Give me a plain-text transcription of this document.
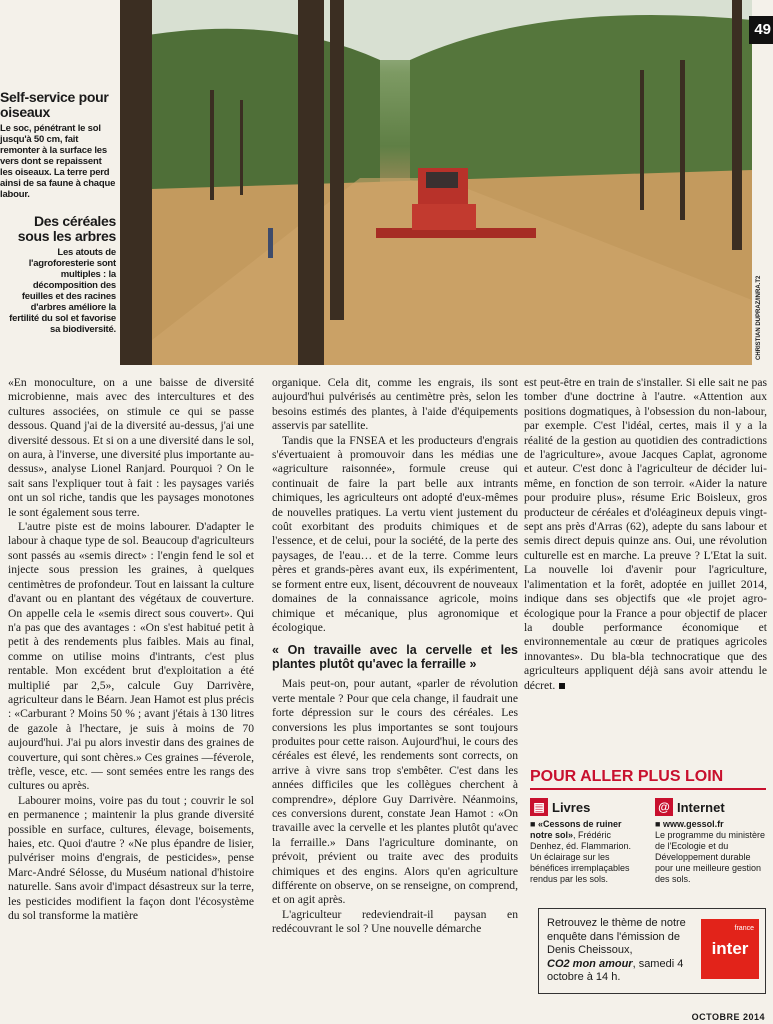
49
CHRISTIAN DUPRAZ/INRA.T2
Self-service pour oiseaux

Le soc, pénétrant le sol jusqu'à 50 cm, fait remonter à la surface les vers dont se repaissent les oiseaux. La terre perd ainsi de sa faune à chaque labour.

Des céréales sous les arbres

Les atouts de l'agroforesterie sont multiples : la décomposition des feuilles et des racines d'arbres améliore la fertilité du sol et favorise sa biodiversité.

«En monoculture, on a une baisse de diversité microbienne, mais avec des intercultures et des cultures associées, on stimule ce qui se passe dessous. Quand j'ai de la diversité au-dessus, j'ai une diversité dessous. Et si on a une diversité dans le sol, on aura, à l'inverse, une diversité plus importante au-dessus», analyse Lionel Ranjard. Pourquoi ? On le sait sans l'expliquer tout à fait : les paysages variés ont un sol riche, tandis que les paysages monotones le sont également sous terre.

L'autre piste est de moins labourer. D'adapter le labour à chaque type de sol. Beaucoup d'agriculteurs sont passés au «semis direct» : l'engin fend le sol et injecte sous pression les graines, à quelques centimètres de profondeur. Tout en laissant la culture d'avant ou en plantant des végétaux de couverture. On appelle cela le «semis direct sous couvert». Qui n'a pas que des avantages : «On s'est habitué petit à petit à des rendements plus faibles. Mais au final, comme on utilise moins d'intrants, c'est plus rentable. Mon excédent brut d'exploitation a été multiplié par 2,5», calcule Guy Darrivère, agriculteur dans le Béarn. Jean Hamot est plus précis : «Carburant ? Moins 50 % ; avant j'étais à 130 litres de gazole à l'hectare, je suis à moins de 70 aujourd'hui. J'ai pu alors investir dans des graines de couverture, qui sont chères.» Ces graines —féverole, trèfle, vesce, etc. — sont semées entre les rangs des cultures ou après.

Labourer moins, voire pas du tout ; couvrir le sol en permanence ; maintenir la plus grande diversité possible en surface, cultures, élevage, boisements, haies, etc. Quoi d'autre ? «Ne plus épandre de lisier, pulvériser moins d'engrais, de pesticides», pense Marc-André Sélosse, du Muséum national d'histoire naturelle. Sans avoir d'impact désastreux sur la terre, les pesticides modifient la façon dont l'écosystème du sol transforme la matière

organique. Cela dit, comme les engrais, ils sont aujourd'hui pulvérisés au centimètre près, selon les besoins estimés des plantes, à l'aide d'équipements asservis par satellite.

Tandis que la FNSEA et les producteurs d'engrais s'évertuaient à promouvoir dans les médias une «agriculture raisonnée», formule creuse qui continuait de faire la part belle aux intrants chimiques, les agriculteurs ont adopté d'eux-mêmes de nouvelles pratiques. La vertu vient justement du coût exorbitant des produits chimiques et de l'essence, et de celui, pour la société, de la perte des paysages, de l'eau… et de la terre. Comme leurs pères et grands-pères avant eux, ils expérimentent, se forment entre eux, lisent, découvrent de nouveaux domaines de la connaissance agricole, moins chimique et mécanique, plus agronomique et écologique.

« On travaille avec la cervelle et les plantes plutôt qu'avec la ferraille »

Mais peut-on, pour autant, «parler de révolution verte mentale ? Pour que cela change, il faudrait une forte dépression sur le cours des céréales. Les conversions les plus importantes se sont toujours produites pour cette raison. Aujourd'hui, le cours des céréales est élevé, les rendements sont corrects, on arrive à vivre sans trop s'embêter. C'est dans les années difficiles que les collègues cherchent à comprendre», déplore Guy Darrivère. Néanmoins, ces conversions durent, constate Jean Hamot : «On travaille avec la cervelle et les plantes plutôt qu'avec la ferraille.» Dans l'agriculture dominante, on prévoit, prévient ou traite avec des produits chimiques et des engins. Alors qu'en agriculture différente on observe, on se renseigne, on comprend, et on agit après.

L'agriculteur redeviendrait-il paysan en redécouvrant le sol ? Une nouvelle démarche

est peut-être en train de s'installer. Si elle sait ne pas tomber d'une doctrine à l'autre. «Attention aux positions dogmatiques, à l'obsession du non-labour, par exemple. C'est l'idéal, certes, mais il y a la réalité de la gestion au quotidien des contradictions de l'agriculture», avoue Jacques Caplat, agronome et auteur. C'est donc à l'agriculteur de décider lui-même, en fonction de son terroir. «Aider la nature pour produire plus», résume Eric Boisleux, gros producteur de céréales et d'oléagineux depuis vingt-sept ans près d'Arras (62), adepte du sans labour et semis direct depuis quinze ans. Oui, une révolution culturelle est en marche. La preuve ? L'Etat la suit. La nouvelle loi d'avenir pour l'agriculture, l'alimentation et la forêt, adoptée en juillet 2014, indique dans ses objectifs que «le projet agro-écologique pour la France a pour objectif de placer la double performance économique et environnementale au cœur de pratiques agricoles innovantes». Du bla-bla technocratique que des agriculteurs appliquent déjà sans avoir attendu le décret.

POUR ALLER PLUS LOIN
▤ Livres
■ «Cessons de ruiner notre sol», Frédéric Denhez, éd. Flammarion. Un éclairage sur les bénéfices irremplaçables rendus par les sols.
@ Internet
■ www.gessol.fr
Le programme du ministère de l'Ecologie et du Développement durable pour une meilleure gestion des sols.
Retrouvez le thème de notre enquête dans l'émission de Denis Cheissoux,
CO2 mon amour, samedi 4 octobre à 14 h.
france
inter
OCTOBRE 2014
